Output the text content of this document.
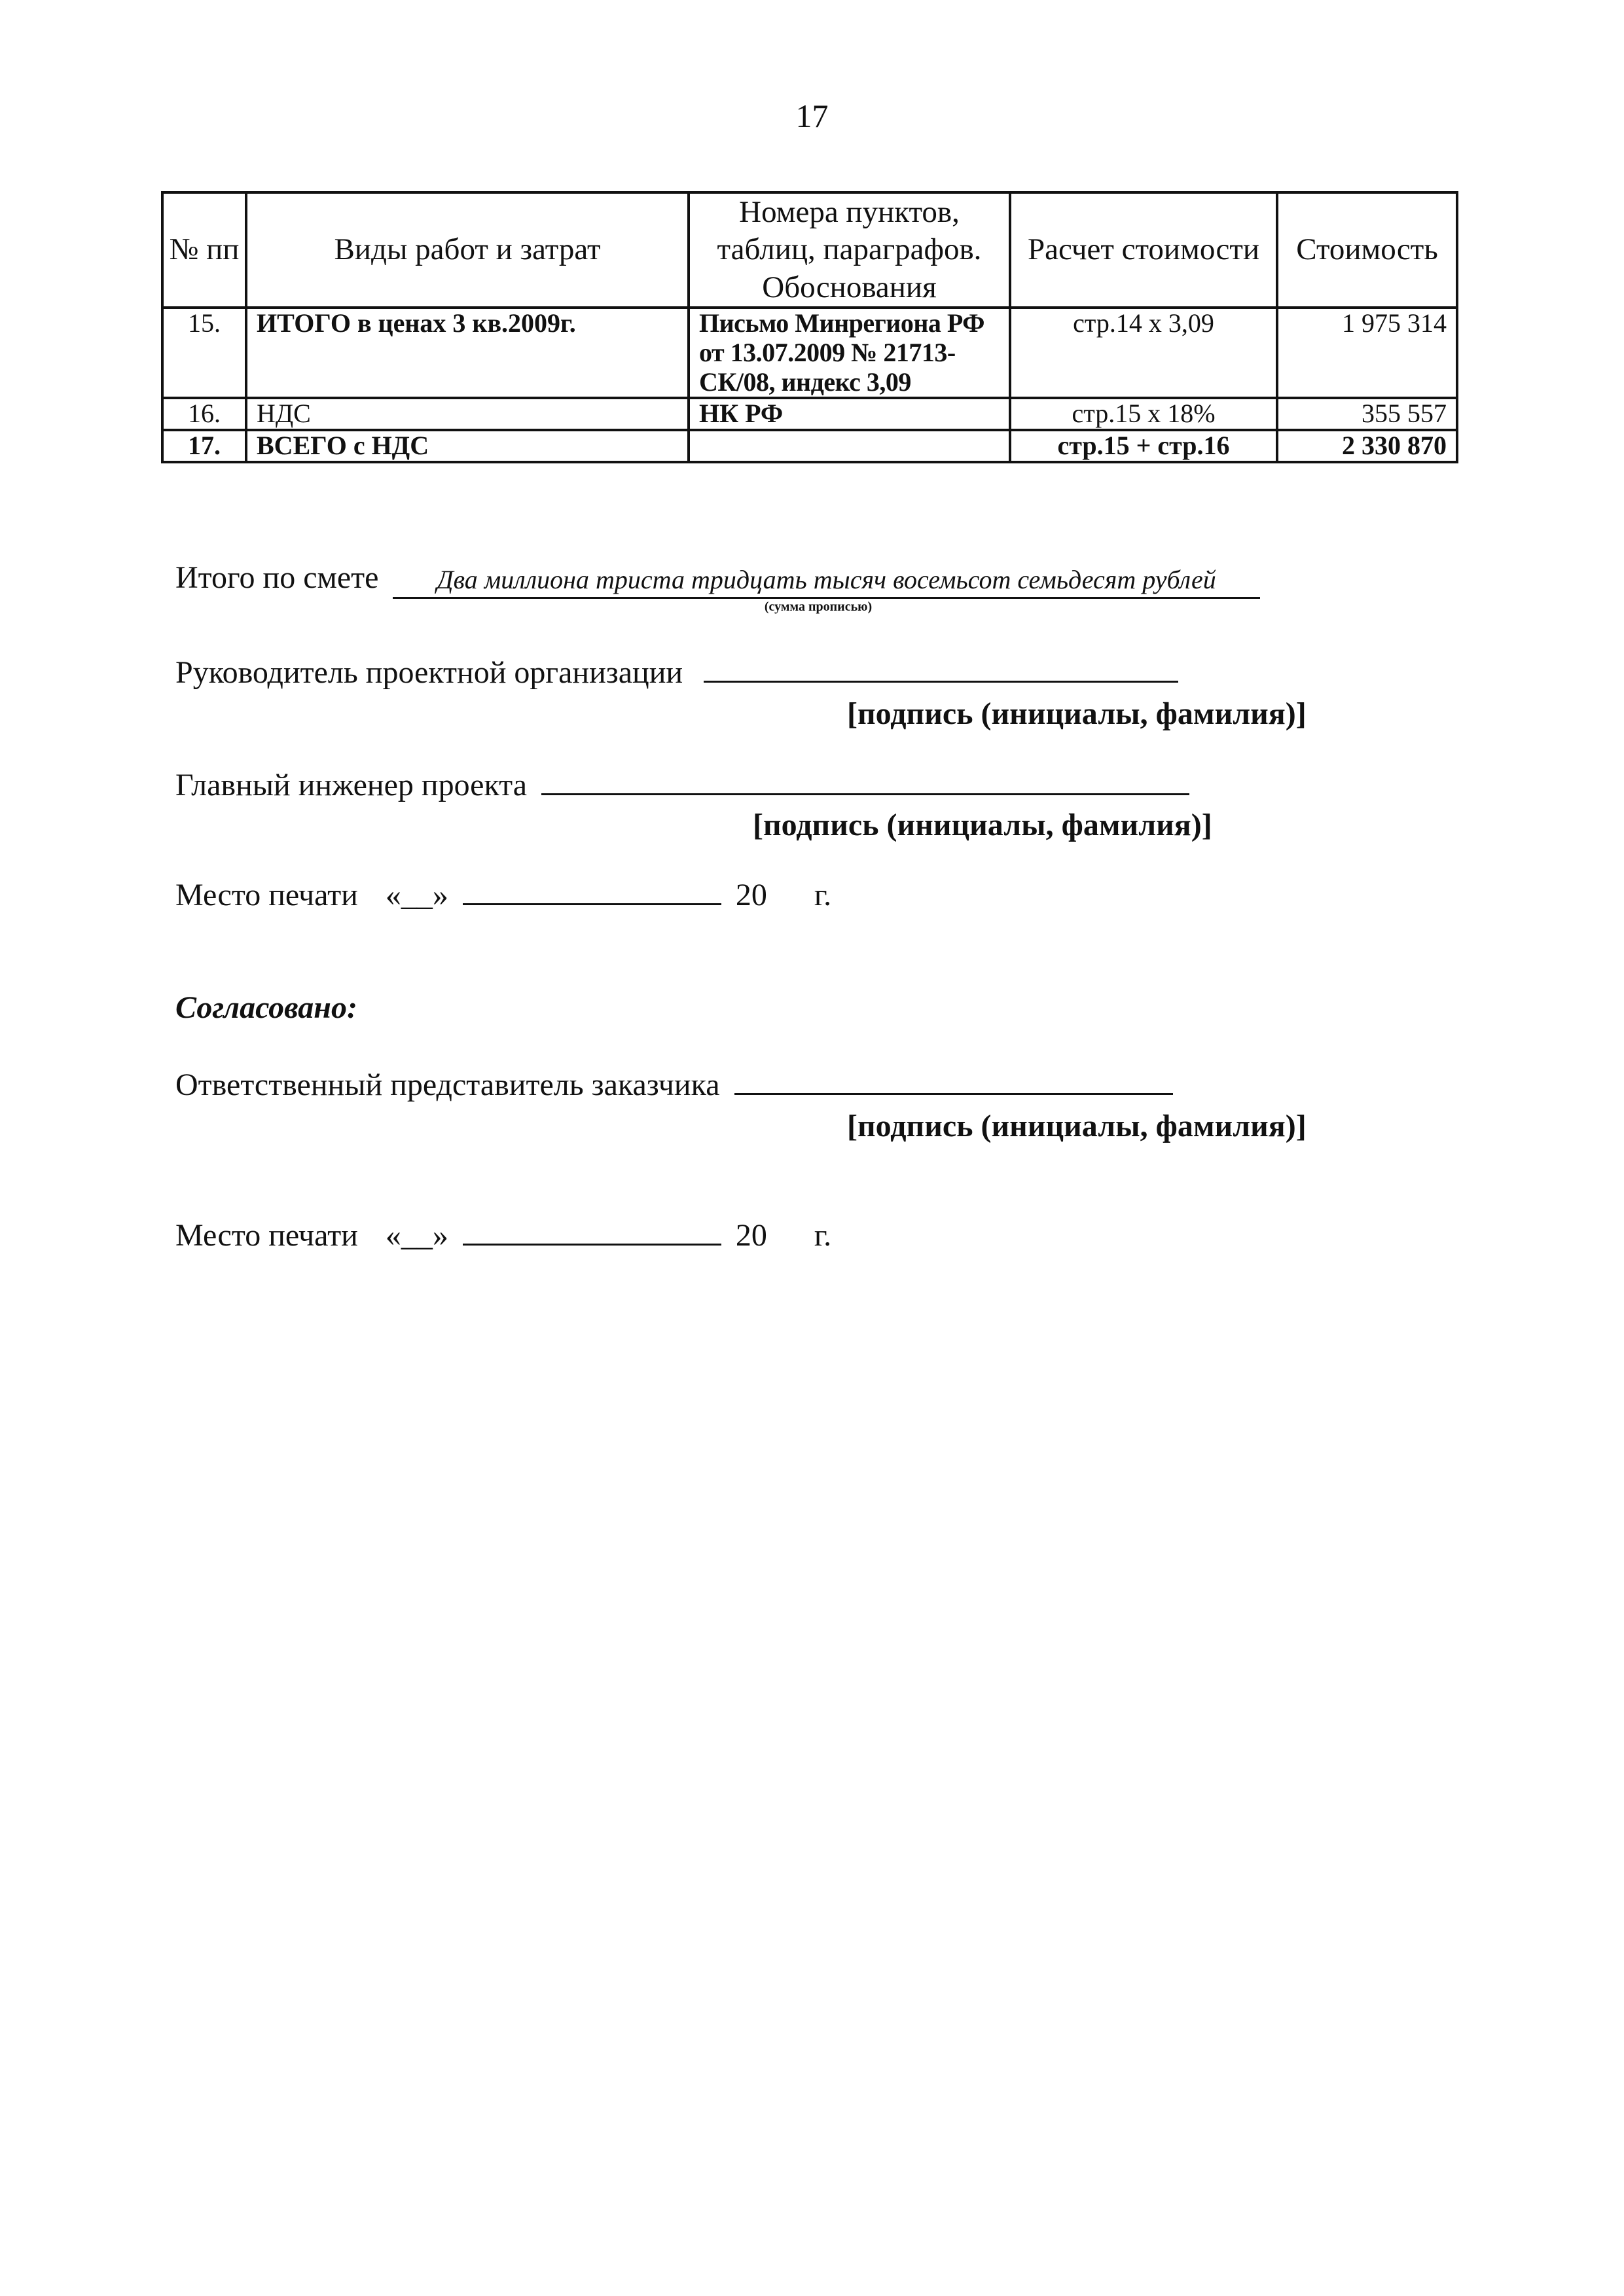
17
№ пп	Виды работ и затрат	Номера пунктов, таблиц, параграфов. Обоснования	Расчет стоимости	Стоимость
15.	ИТОГО в ценах 3 кв.2009г.	Письмо Минрегиона РФ от 13.07.2009 № 21713-СК/08, индекс 3,09	стр.14 х 3,09	1 975 314
16.	НДС	НК РФ	стр.15 х 18%	355 557
17.	ВСЕГО с НДС		стр.15 + стр.16	2 330 870
Итого по смете	Два миллиона триста тридцать тысяч восемьсот семьдесят рублей
(сумма прописью)
Руководитель проектной организации
[подпись (инициалы, фамилия)]
Главный инженер проекта
[подпись (инициалы, фамилия)]
Место печати «__»	20 г.
Согласовано:
Ответственный представитель заказчика
[подпись (инициалы, фамилия)]
Место печати «__»	20 г.
